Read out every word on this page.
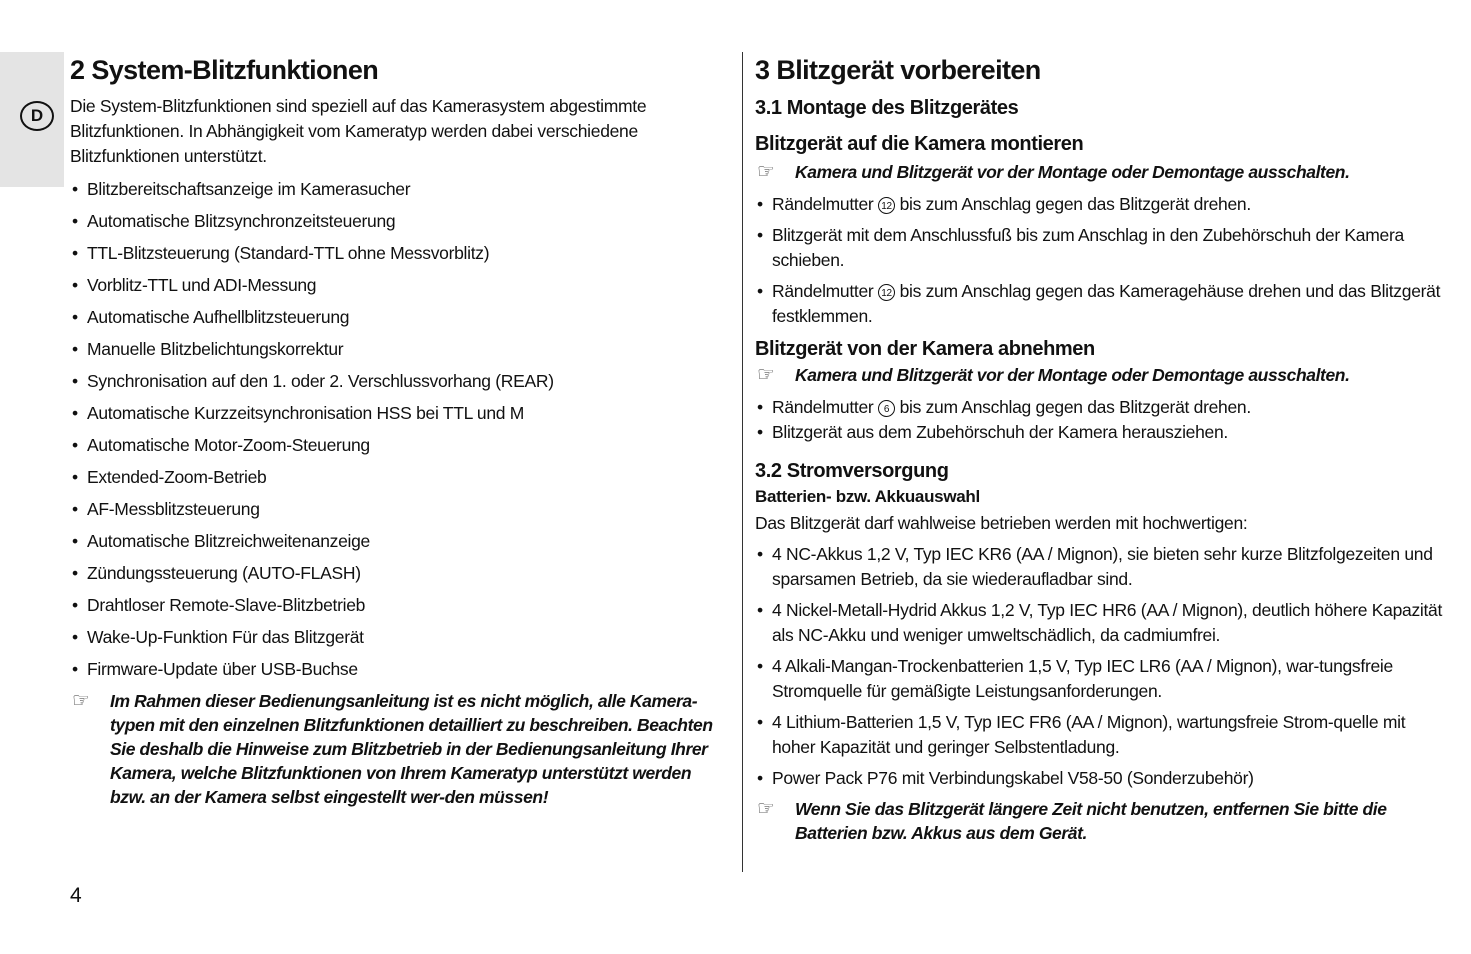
D
2 System-Blitzfunktionen

Die System-Blitzfunktionen sind speziell auf das Kamerasystem abgestimmte Blitzfunktionen. In Abhängigkeit vom Kameratyp werden dabei verschiedene Blitzfunktionen unterstützt.

• Blitzbereitschaftsanzeige im Kamerasucher
• Automatische Blitzsynchronzeitsteuerung
• TTL-Blitzsteuerung (Standard-TTL ohne Messvorblitz)
• Vorblitz-TTL und ADI-Messung
• Automatische Aufhellblitzsteuerung
• Manuelle Blitzbelichtungskorrektur
• Synchronisation auf den 1. oder 2. Verschlussvorhang (REAR)
• Automatische Kurzzeitsynchronisation HSS bei TTL und M
• Automatische Motor-Zoom-Steuerung
• Extended-Zoom-Betrieb
• AF-Messblitzsteuerung
• Automatische Blitzreichweitenanzeige
• Zündungssteuerung (AUTO-FLASH)
• Drahtloser Remote-Slave-Blitzbetrieb
• Wake-Up-Funktion Für das Blitzgerät
• Firmware-Update über USB-Buchse
☞ Im Rahmen dieser Bedienungsanleitung ist es nicht möglich, alle Kamera-typen mit den einzelnen Blitzfunktionen detailliert zu beschreiben. Beachten Sie deshalb die Hinweise zum Blitzbetrieb in der Bedienungsanleitung Ihrer Kamera, welche Blitzfunktionen von Ihrem Kameratyp unterstützt werden bzw. an der Kamera selbst eingestellt wer-den müssen!
3 Blitzgerät vorbereiten
3.1 Montage des Blitzgerätes
Blitzgerät auf die Kamera montieren
☞ Kamera und Blitzgerät vor der Montage oder Demontage ausschalten.
• Rändelmutter 12 bis zum Anschlag gegen das Blitzgerät drehen.
• Blitzgerät mit dem Anschlussfuß bis zum Anschlag in den Zubehörschuh der Kamera schieben.
• Rändelmutter 12 bis zum Anschlag gegen das Kameragehäuse drehen und das Blitzgerät festklemmen.
Blitzgerät von der Kamera abnehmen
☞ Kamera und Blitzgerät vor der Montage oder Demontage ausschalten.
• Rändelmutter 6 bis zum Anschlag gegen das Blitzgerät drehen.
• Blitzgerät aus dem Zubehörschuh der Kamera herausziehen.
3.2 Stromversorgung
Batterien- bzw. Akkuauswahl

Das Blitzgerät darf wahlweise betrieben werden mit hochwertigen:

• 4 NC-Akkus 1,2 V, Typ IEC KR6 (AA / Mignon), sie bieten sehr kurze Blitzfolgezeiten und sparsamen Betrieb, da sie wiederaufladbar sind.
• 4 Nickel-Metall-Hydrid Akkus 1,2 V, Typ IEC HR6 (AA / Mignon), deutlich höhere Kapazität als NC-Akku und weniger umweltschädlich, da cadmiumfrei.
• 4 Alkali-Mangan-Trockenbatterien 1,5 V, Typ IEC LR6 (AA / Mignon), war-tungsfreie Stromquelle für gemäßigte Leistungsanforderungen.
• 4 Lithium-Batterien 1,5 V, Typ IEC FR6 (AA / Mignon), wartungsfreie Strom-quelle mit hoher Kapazität und geringer Selbstentladung.
• Power Pack P76 mit Verbindungskabel V58-50 (Sonderzubehör)
☞ Wenn Sie das Blitzgerät längere Zeit nicht benutzen, entfernen Sie bitte die Batterien bzw. Akkus aus dem Gerät.
4
